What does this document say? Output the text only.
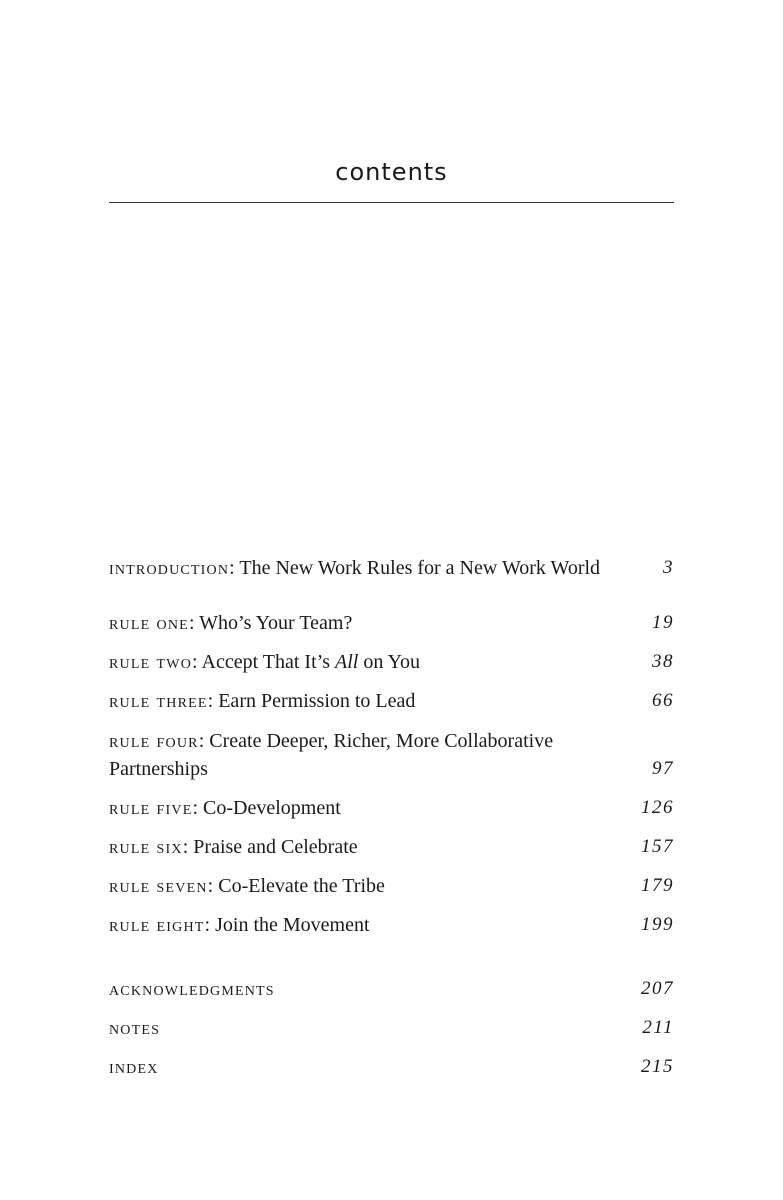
contents
introduction: The New Work Rules for a New Work World	3
rule one: Who’s Your Team?	19
rule two: Accept That It’s All on You	38
rule three: Earn Permission to Lead	66
rule four: Create Deeper, Richer, More Collaborative
Partnerships	97
rule five: Co-Development	126
rule six: Praise and Celebrate	157
rule seven: Co-Elevate the Tribe	179
rule eight: Join the Movement	199
acknowledgments	207
notes	211
index	215
